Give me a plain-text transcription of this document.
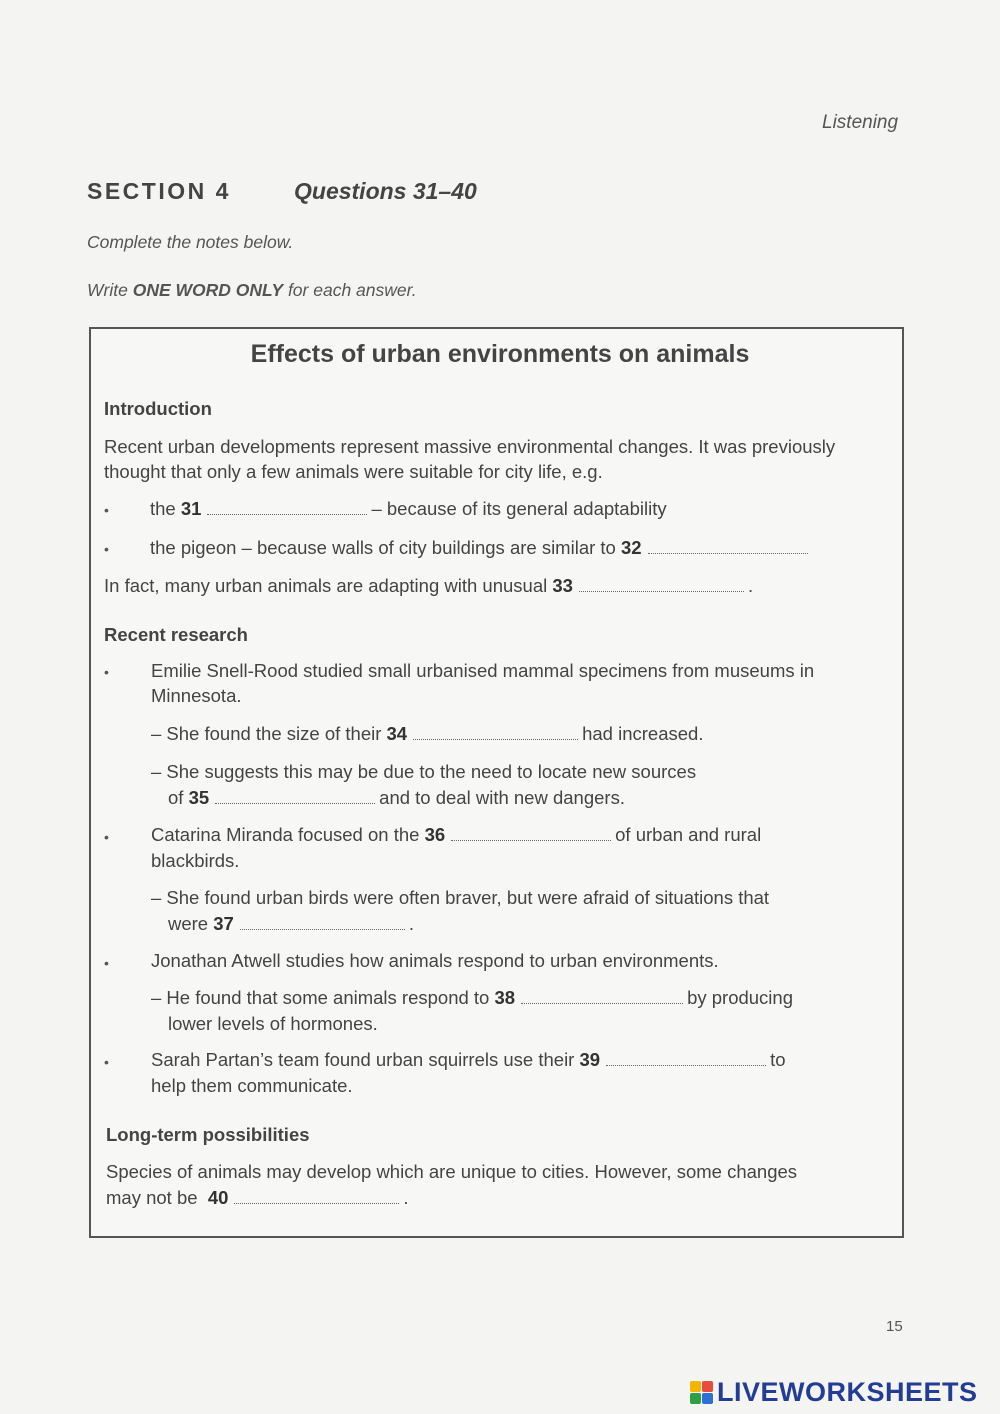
Listening
SECTION 4	Questions 31–40
Complete the notes below.
Write ONE WORD ONLY for each answer.
Effects of urban environments on animals
Introduction
Recent urban developments represent massive environmental changes. It was previously thought that only a few animals were suitable for city life, e.g.
• the 31	– because of its general adaptability
• the pigeon – because walls of city buildings are similar to 32
In fact, many urban animals are adapting with unusual 33	.
Recent research
• Emilie Snell-Rood studied small urbanised mammal specimens from museums in Minnesota.
– She found the size of their 34	had increased.
– She suggests this may be due to the need to locate new sources
of 35	and to deal with new dangers.
• Catarina Miranda focused on the 36	of urban and rural
blackbirds.
– She found urban birds were often braver, but were afraid of situations that
were 37	.
• Jonathan Atwell studies how animals respond to urban environments.
– He found that some animals respond to 38	by producing
lower levels of hormones.
• Sarah Partan’s team found urban squirrels use their 39	to
help them communicate.
Long-term possibilities
Species of animals may develop which are unique to cities. However, some changes
may not be 40	.
15
LIVEWORKSHEETS
